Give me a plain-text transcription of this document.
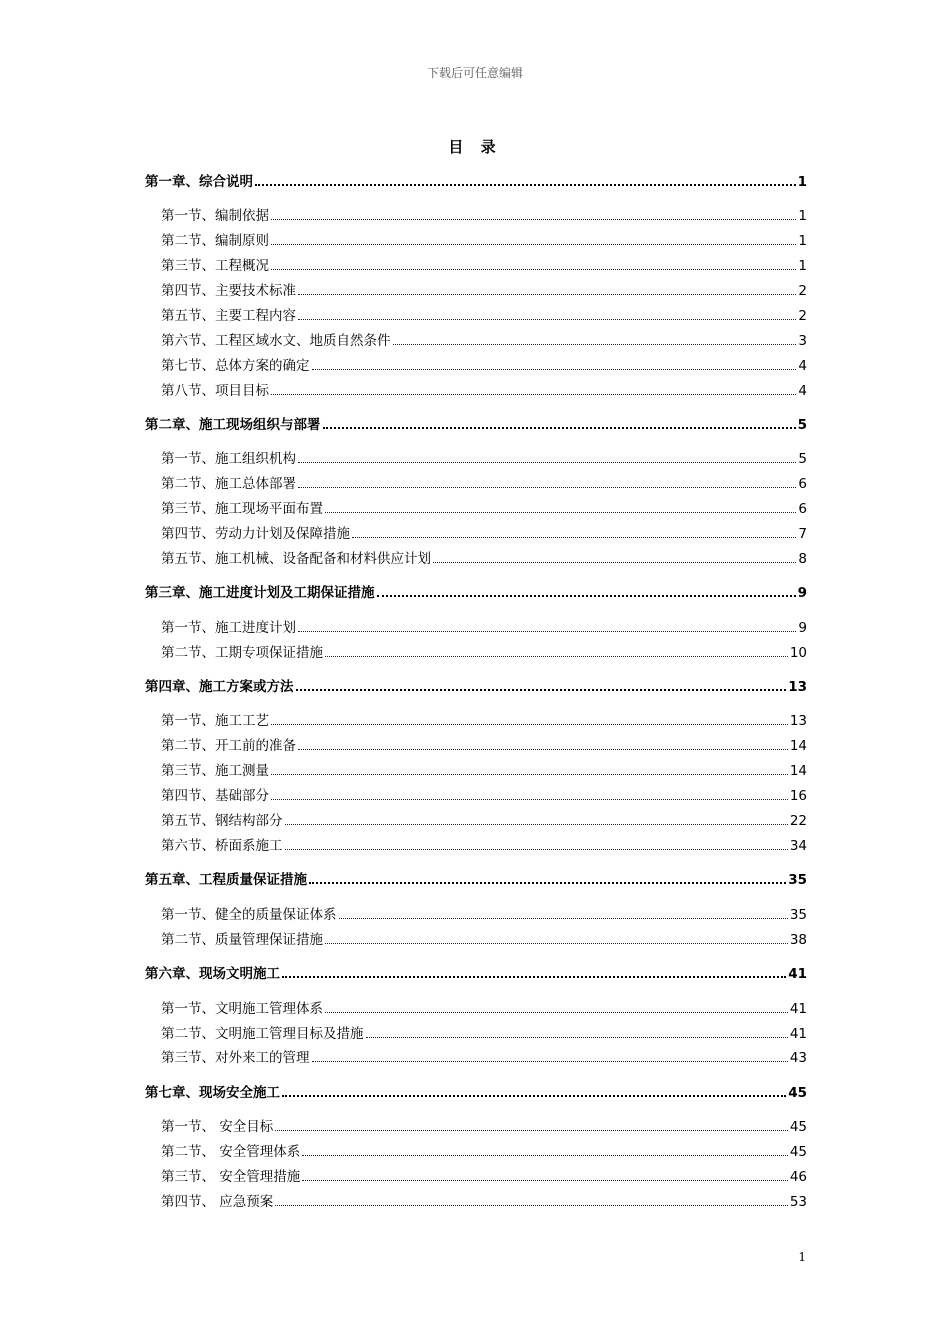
下载后可任意编辑
目 录
第一章、综合说明	1
第一节、编制依据	1
第二节、编制原则	1
第三节、工程概况	1
第四节、主要技术标准	2
第五节、主要工程内容	2
第六节、工程区域水文、地质自然条件	3
第七节、总体方案的确定	4
第八节、项目目标	4
第二章、施工现场组织与部署	5
第一节、施工组织机构	5
第二节、施工总体部署	6
第三节、施工现场平面布置	6
第四节、劳动力计划及保障措施	7
第五节、施工机械、设备配备和材料供应计划	8
第三章、施工进度计划及工期保证措施	9
第一节、施工进度计划	9
第二节、工期专项保证措施	10
第四章、施工方案或方法	13
第一节、施工工艺	13
第二节、开工前的准备	14
第三节、施工测量	14
第四节、基础部分	16
第五节、钢结构部分	22
第六节、桥面系施工	34
第五章、工程质量保证措施	35
第一节、健全的质量保证体系	35
第二节、质量管理保证措施	38
第六章、现场文明施工	41
第一节、文明施工管理体系	41
第二节、文明施工管理目标及措施	41
第三节、对外来工的管理	43
第七章、现场安全施工	45
第一节、 安全目标	45
第二节、 安全管理体系	45
第三节、 安全管理措施	46
第四节、 应急预案	53
1
